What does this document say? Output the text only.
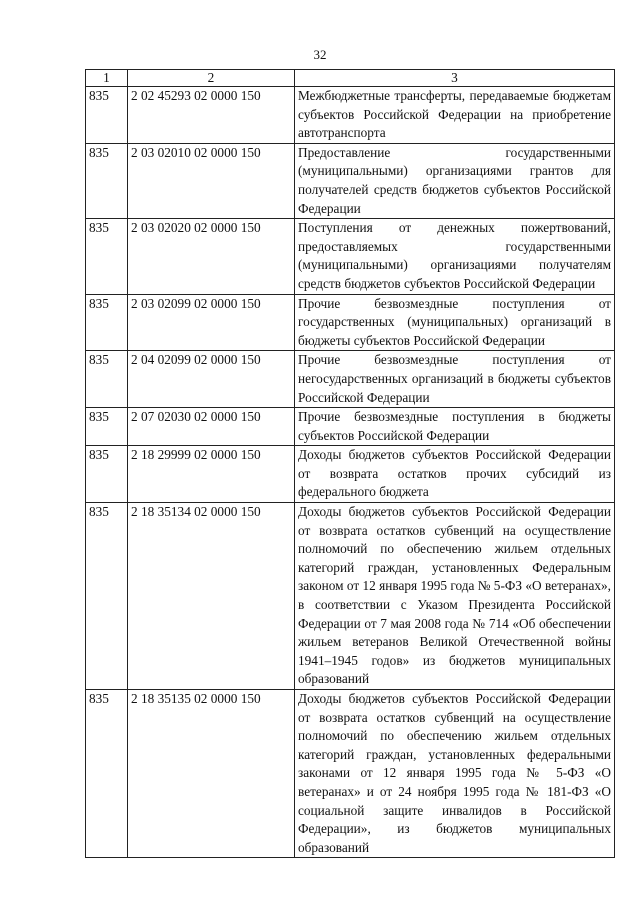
32
1	2	3
835	2 02 45293 02 0000 150	Межбюджетные трансферты, передаваемые бюджетам субъектов Российской Федерации на приобретение автотранспорта
835	2 03 02010 02 0000 150	Предоставление государственными (муниципальными) организациями грантов для получателей средств бюджетов субъектов Российской Федерации
835	2 03 02020 02 0000 150	Поступления от денежных пожертвований, предоставляемых государственными (муниципальными) организациями получателям средств бюджетов субъектов Российской Федерации
835	2 03 02099 02 0000 150	Прочие безвозмездные поступления от государственных (муниципальных) организаций в бюджеты субъектов Российской Федерации
835	2 04 02099 02 0000 150	Прочие безвозмездные поступления от негосударственных организаций в бюджеты субъектов Российской Федерации
835	2 07 02030 02 0000 150	Прочие безвозмездные поступления в бюджеты субъектов Российской Федерации
835	2 18 29999 02 0000 150	Доходы бюджетов субъектов Российской Федерации от возврата остатков прочих субсидий из федерального бюджета
835	2 18 35134 02 0000 150	Доходы бюджетов субъектов Российской Федерации от возврата остатков субвенций на осуществление полномочий по обеспечению жильем отдельных категорий граждан, установленных Федеральным законом от 12 января 1995 года № 5-ФЗ «О ветеранах», в соответствии с Указом Президента Российской Федерации от 7 мая 2008 года № 714 «Об обеспечении жильем ветеранов Великой Отечественной войны 1941–1945 годов» из бюджетов муниципальных образований
835	2 18 35135 02 0000 150	Доходы бюджетов субъектов Российской Федерации от возврата остатков субвенций на осуществление полномочий по обеспечению жильем отдельных категорий граждан, установленных федеральными законами от 12 января 1995 года № 5-ФЗ «О ветеранах» и от 24 ноября 1995 года № 181-ФЗ «О социальной защите инвалидов в Российской Федерации», из бюджетов муниципальных образований
